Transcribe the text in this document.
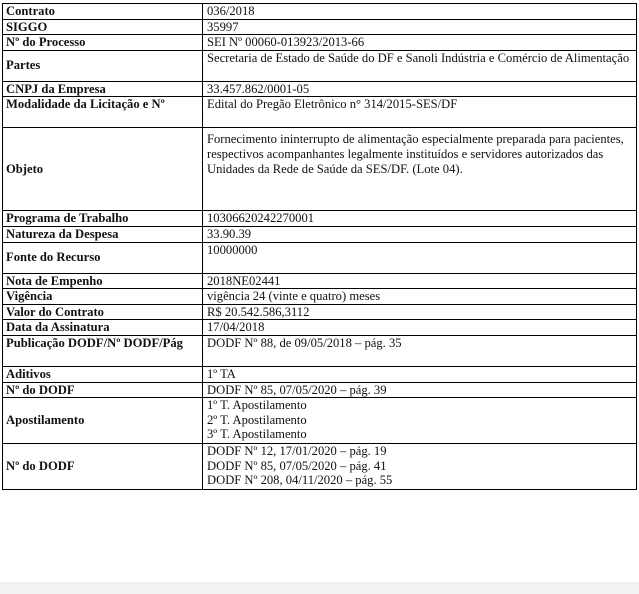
Contrato	036/2018
SIGGO	35997
Nº do Processo	SEI Nº 00060-013923/2013-66
Partes	Secretaria de Estado de Saúde do DF e Sanoli Indústria e Comércio de Alimentação
CNPJ da Empresa	33.457.862/0001-05
Modalidade da Licitação e Nº	Edital do Pregão Eletrônico n° 314/2015-SES/DF
Objeto	Fornecimento ininterrupto de alimentação especialmente preparada para pacientes, respectivos acompanhantes legalmente instituídos e servidores autorizados das Unidades da Rede de Saúde da SES/DF. (Lote 04).
Programa de Trabalho	10306620242270001
Natureza da Despesa	33.90.39
Fonte do Recurso	10000000
Nota de Empenho	2018NE02441
Vigência	vigência 24 (vinte e quatro) meses
Valor do Contrato	R$ 20.542.586,3112
Data da Assinatura	17/04/2018
Publicação DODF/Nº DODF/Pág	DODF Nº 88, de 09/05/2018 – pág. 35
Aditivos	1º TA
Nº do DODF	DODF Nº 85, 07/05/2020 – pág. 39
Apostilamento	1º T. Apostilamento
2º T. Apostilamento
3º T. Apostilamento

Nº do DODF	DODF Nº 12, 17/01/2020 – pág. 19
DODF Nº 85, 07/05/2020 – pág. 41
DODF Nº 208, 04/11/2020 – pág. 55
